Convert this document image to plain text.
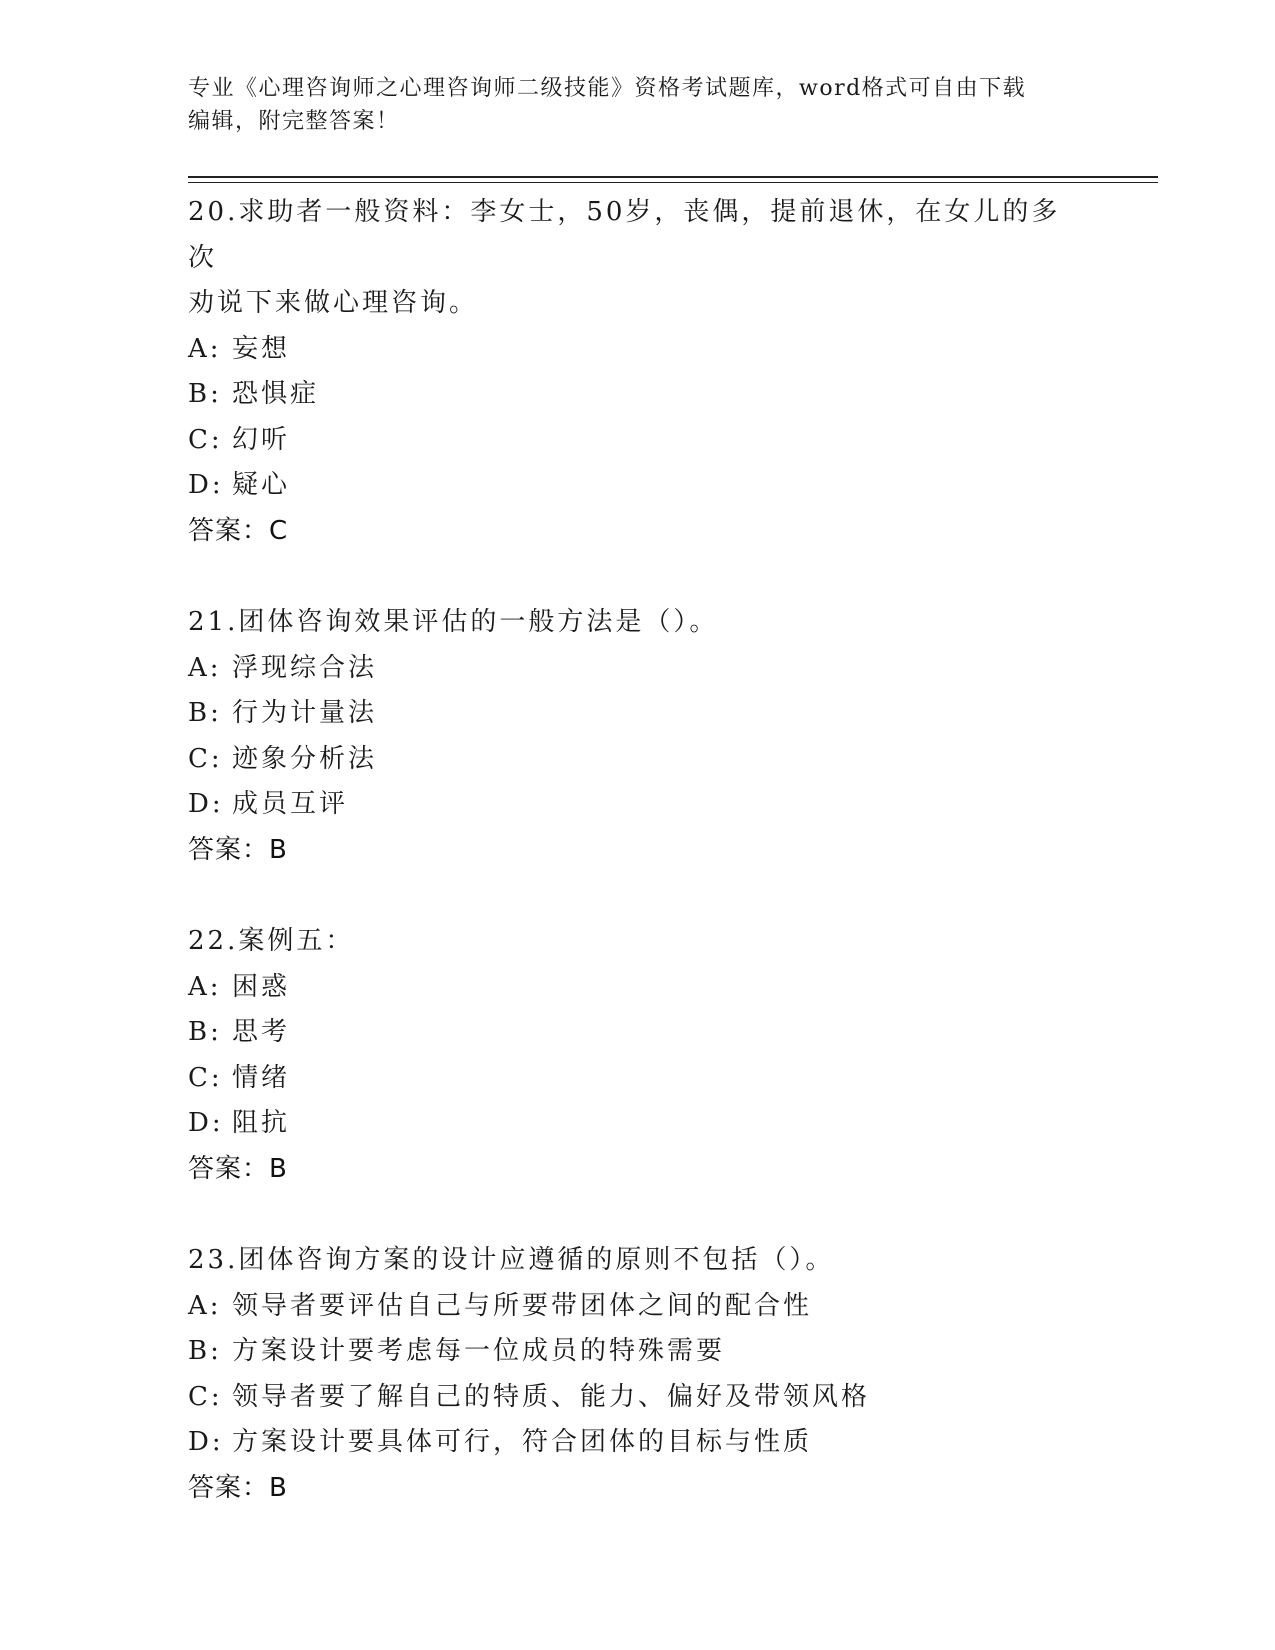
专业《心理咨询师之心理咨询师二级技能》资格考试题库，word格式可自由下载
编辑，附完整答案！
20.求助者一般资料：李女士，50岁，丧偶，提前退休，在女儿的多次
劝说下来做心理咨询。
A: 妄想
B: 恐惧症
C: 幻听
D: 疑心
答案：C
21.团体咨询效果评估的一般方法是（）。
A: 浮现综合法
B: 行为计量法
C: 迹象分析法
D: 成员互评
答案：B
22.案例五：
A: 困惑
B: 思考
C: 情绪
D: 阻抗
答案：B
23.团体咨询方案的设计应遵循的原则不包括（）。
A: 领导者要评估自己与所要带团体之间的配合性
B: 方案设计要考虑每一位成员的特殊需要
C: 领导者要了解自己的特质、能力、偏好及带领风格
D: 方案设计要具体可行，符合团体的目标与性质
答案：B
